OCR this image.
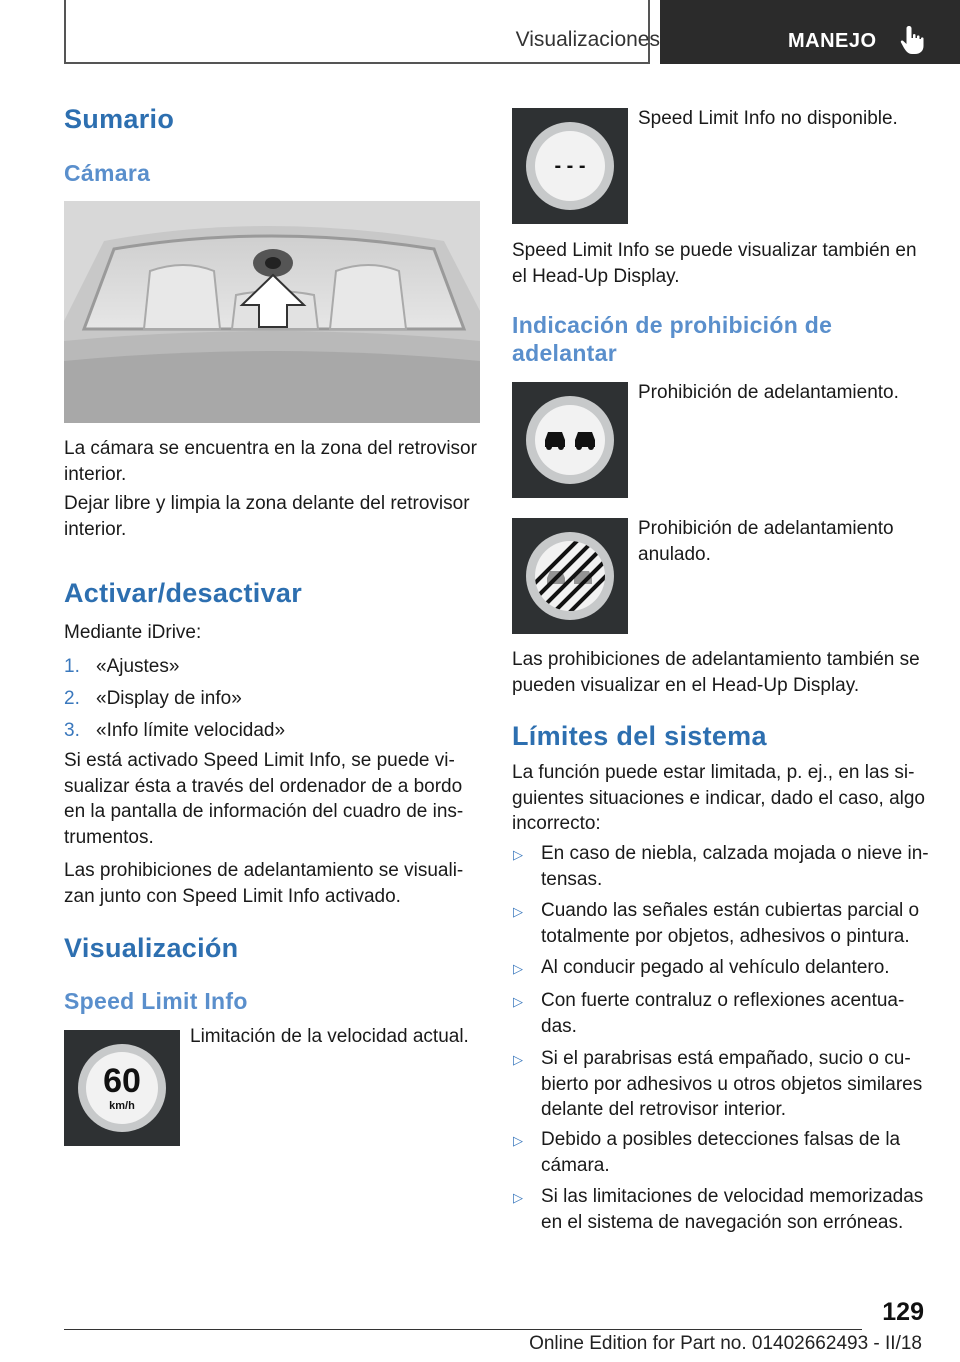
Visualizaciones	MANEJO
Sumario
Cámara
La cámara se encuentra en la zona del retrovisor interior.
Dejar libre y limpia la zona delante del retrovisor interior.
Activar/desactivar
Mediante iDrive:
1. «Ajustes»
2. «Display de info»
3. «Info límite velocidad»
Si está activado Speed Limit Info, se puede vi‐sualizar ésta a través del ordenador de a bordo en la pantalla de información del cuadro de ins‐trumentos.
Las prohibiciones de adelantamiento se visuali‐zan junto con Speed Limit Info activado.
Visualización
Speed Limit Info
60
km/h
Limitación de la velocidad actual.
- - -
Speed Limit Info no disponible.
Speed Limit Info se puede visualizar también en el Head-Up Display.
Indicación de prohibición de adelantar
Prohibición de adelantamiento.
Prohibición de adelantamiento anulado.
Las prohibiciones de adelantamiento también se pueden visualizar en el Head-Up Display.
Límites del sistema
La función puede estar limitada, p. ej., en las si‐guientes situaciones e indicar, dado el caso, algo incorrecto:
▷ En caso de niebla, calzada mojada o nieve in‐tensas.
▷ Cuando las señales están cubiertas parcial o totalmente por objetos, adhesivos o pintura.
▷ Al conducir pegado al vehículo delantero.
▷ Con fuerte contraluz o reflexiones acentua‐das.
▷ Si el parabrisas está empañado, sucio o cu‐bierto por adhesivos u otros objetos similares delante del retrovisor interior.
▷ Debido a posibles detecciones falsas de la cámara.
▷ Si las limitaciones de velocidad memorizadas en el sistema de navegación son erróneas.
129
Online Edition for Part no. 01402662493 - II/18
